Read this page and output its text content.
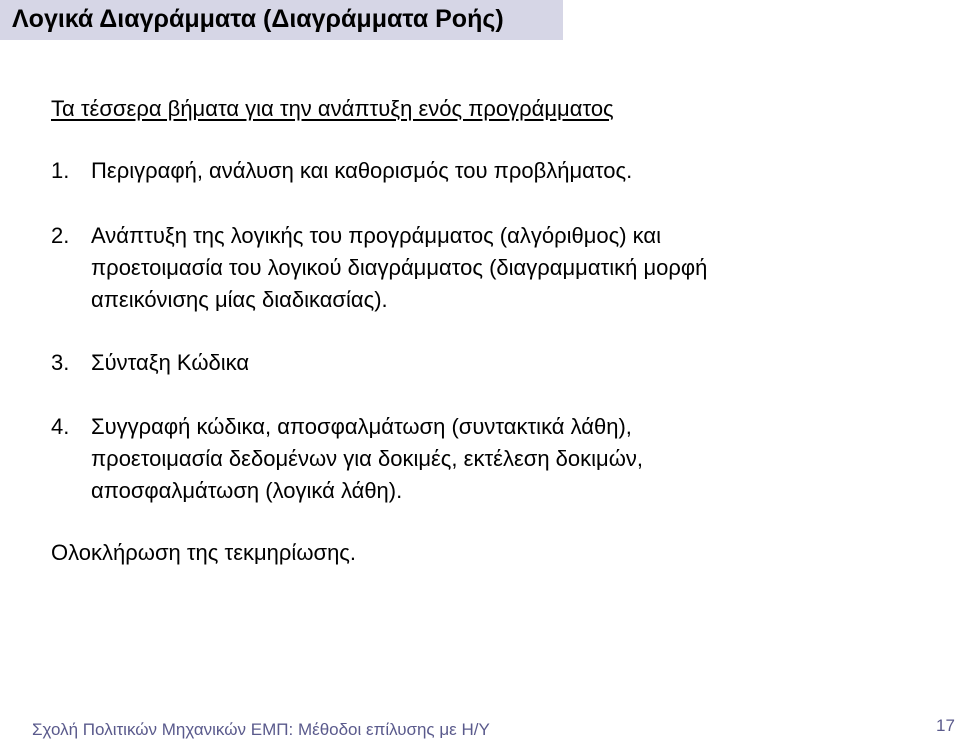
Λογικά Διαγράμματα (Διαγράμματα Ροής)
Τα τέσσερα βήματα για την ανάπτυξη ενός προγράμματος
1. Περιγραφή, ανάλυση και καθορισμός του προβλήματος.
2. Ανάπτυξη της λογικής του προγράμματος (αλγόριθμος) και
προετοιμασία του λογικού διαγράμματος (διαγραμματική μορφή
απεικόνισης μίας διαδικασίας).
3. Σύνταξη Κώδικα
4. Συγγραφή κώδικα, αποσφαλμάτωση (συντακτικά λάθη),
προετοιμασία δεδομένων για δοκιμές, εκτέλεση δοκιμών,
αποσφαλμάτωση (λογικά λάθη).
Ολοκλήρωση της τεκμηρίωσης.
Σχολή Πολιτικών Μηχανικών ΕΜΠ: Μέθοδοι επίλυσης με Η/Υ	17
